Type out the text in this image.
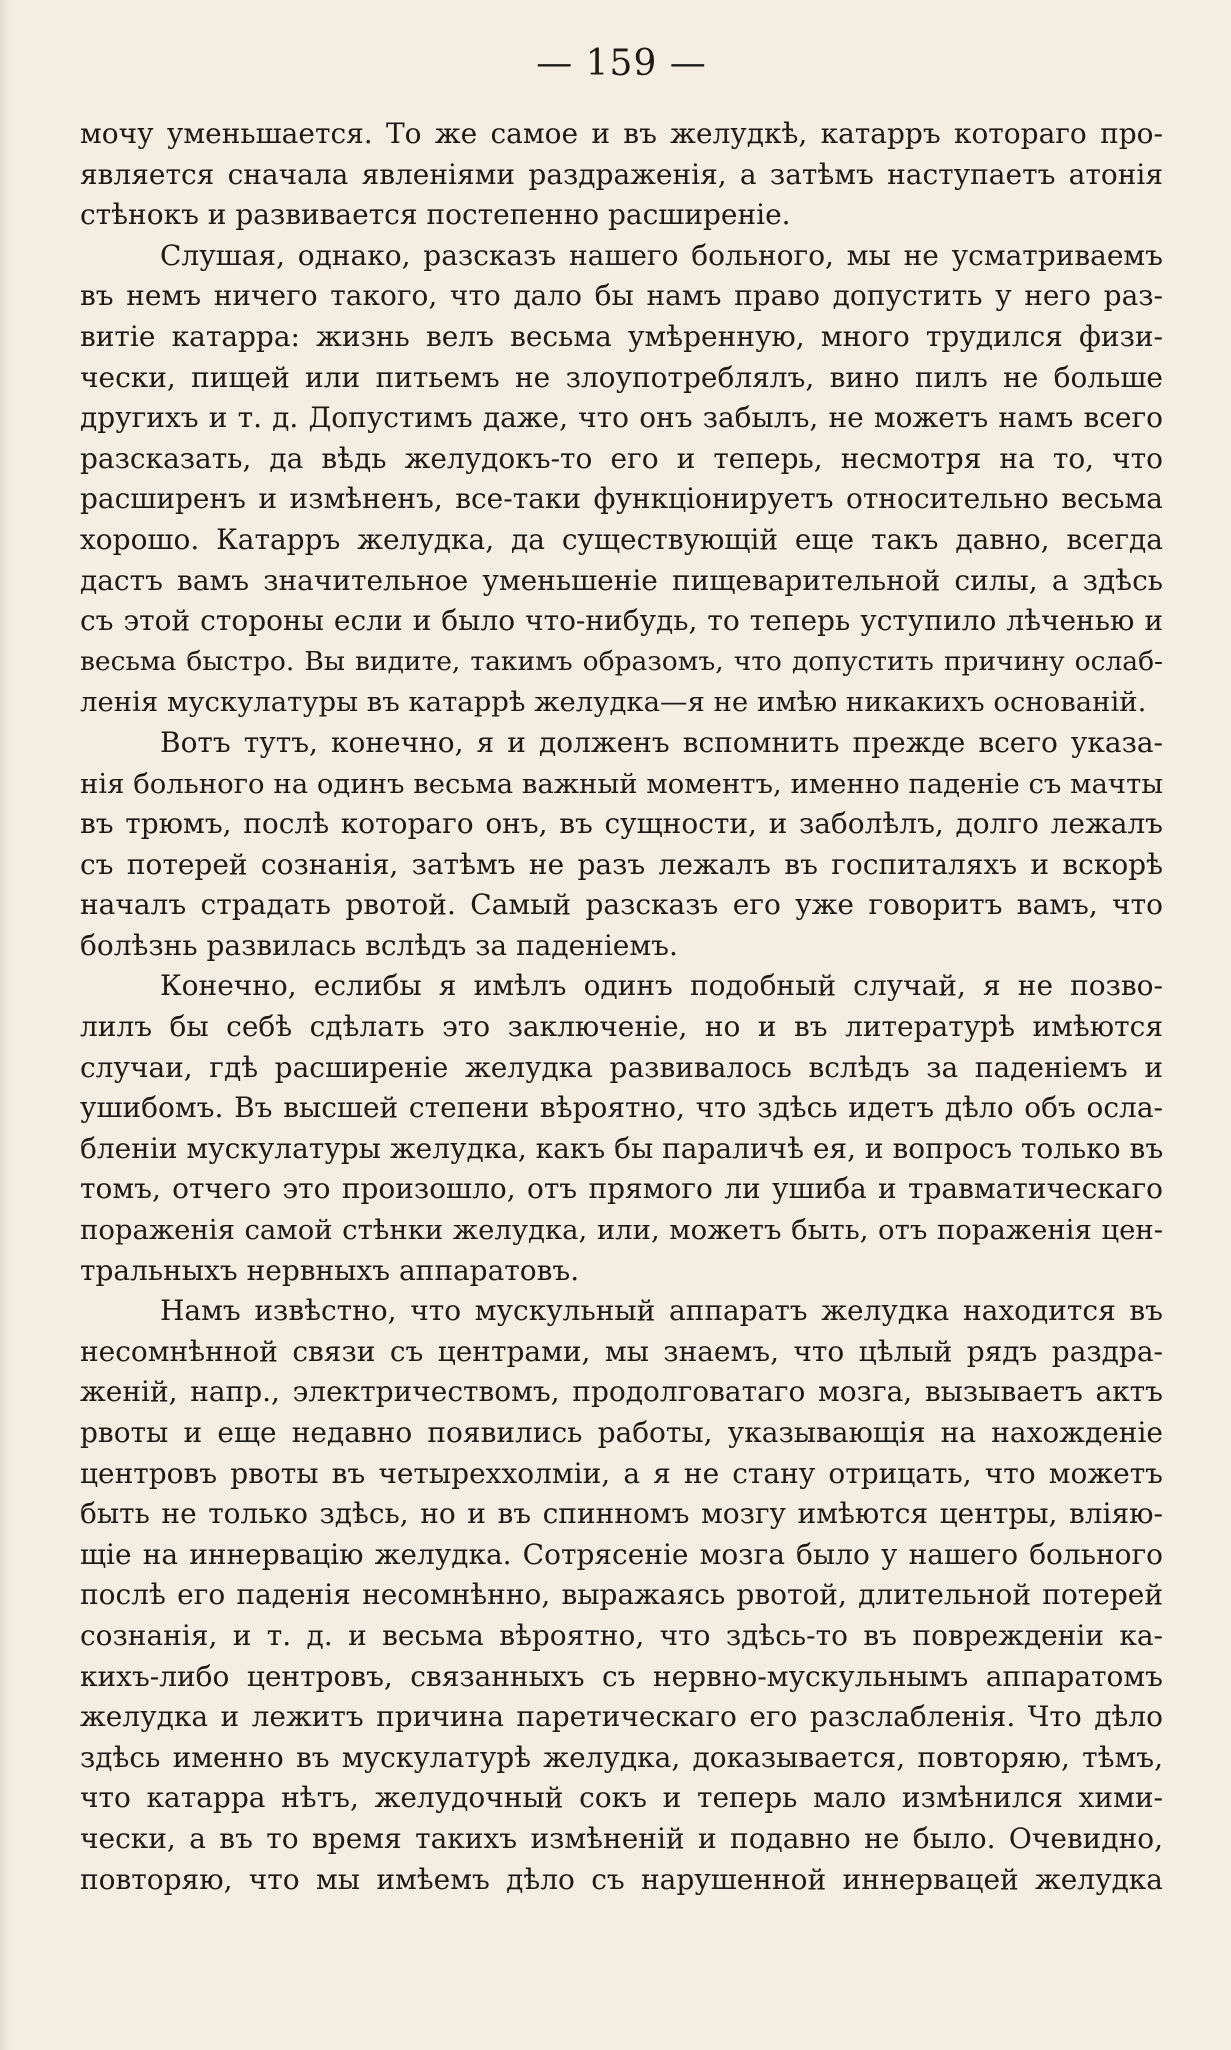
— 159 —

мочу уменьшается. То же самое и въ желудкѣ, катарръ котораго про-

является сначала явленіями раздраженія, а затѣмъ наступаетъ атонія

стѣнокъ и развивается постепенно расширеніе.

Слушая, однако, разсказъ нашего больного, мы не усматриваемъ

въ немъ ничего такого, что дало бы намъ право допустить у него раз-

витіе катарра: жизнь велъ весьма умѣренную, много трудился физи-

чески, пищей или питьемъ не злоупотреблялъ, вино пилъ не больше

другихъ и т. д. Допустимъ даже, что онъ забылъ, не можетъ намъ всего

разсказать, да вѣдь желудокъ-то его и теперь, несмотря на то, что

расширенъ и измѣненъ, все-таки функціонируетъ относительно весьма

хорошо. Катарръ желудка, да существующій еще такъ давно, всегда

дастъ вамъ значительное уменьшеніе пищеварительной силы, а здѣсь

съ этой стороны если и было что-нибудь, то теперь уступило лѣченью и

весьма быстро. Вы видите, такимъ образомъ, что допустить причину ослаб-

ленія мускулатуры въ катаррѣ желудка—я не имѣю никакихъ основаній.

Вотъ тутъ, конечно, я и долженъ вспомнить прежде всего указа-

нія больного на одинъ весьма важный моментъ, именно паденіе съ мачты

въ трюмъ, послѣ котораго онъ, въ сущности, и заболѣлъ, долго лежалъ

съ потерей сознанія, затѣмъ не разъ лежалъ въ госпиталяхъ и вскорѣ

началъ страдать рвотой. Самый разсказъ его уже говоритъ вамъ, что

болѣзнь развилась вслѣдъ за паденіемъ.

Конечно, еслибы я имѣлъ одинъ подобный случай, я не позво-

лилъ бы себѣ сдѣлать это заключеніе, но и въ литературѣ имѣются

случаи, гдѣ расширеніе желудка развивалось вслѣдъ за паденіемъ и

ушибомъ. Въ высшей степени вѣроятно, что здѣсь идетъ дѣло объ осла-

бленіи мускулатуры желудка, какъ бы параличѣ ея, и вопросъ только въ

томъ, отчего это произошло, отъ прямого ли ушиба и травматическаго

пораженія самой стѣнки желудка, или, можетъ быть, отъ пораженія цен-

тральныхъ нервныхъ аппаратовъ.

Намъ извѣстно, что мускульный аппаратъ желудка находится въ

несомнѣнной связи съ центрами, мы знаемъ, что цѣлый рядъ раздра-

женій, напр., электричествомъ, продолговатаго мозга, вызываетъ актъ

рвоты и еще недавно появились работы, указывающія на нахожденіе

центровъ рвоты въ четыреххолміи, а я не стану отрицать, что можетъ

быть не только здѣсь, но и въ спинномъ мозгу имѣются центры, вліяю-

щіе на иннервацію желудка. Сотрясеніе мозга было у нашего больного

послѣ его паденія несомнѣнно, выражаясь рвотой, длительной потерей

сознанія, и т. д. и весьма вѣроятно, что здѣсь-то въ поврежденіи ка-

кихъ-либо центровъ, связанныхъ съ нервно-мускульнымъ аппаратомъ

желудка и лежитъ причина паретическаго его разслабленія. Что дѣло

здѣсь именно въ мускулатурѣ желудка, доказывается, повторяю, тѣмъ,

что катарра нѣтъ, желудочный сокъ и теперь мало измѣнился хими-

чески, а въ то время такихъ измѣненій и подавно не было. Очевидно,

повторяю, что мы имѣемъ дѣло съ нарушенной иннервацей желудка
